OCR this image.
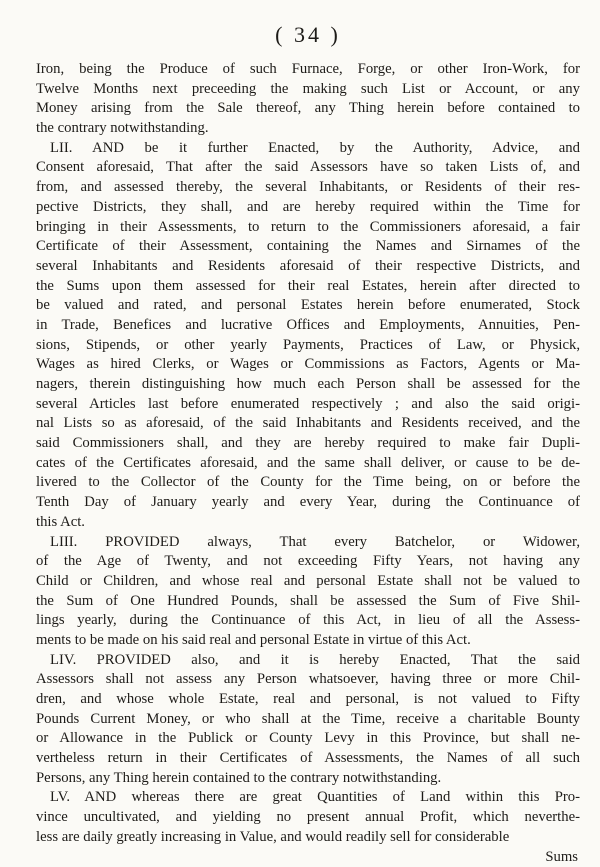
( 34 )
Iron, being the Produce of such Furnace, Forge, or other Iron-Work, for
Twelve Months next preceeding the making such List or Account, or any
Money arising from the Sale thereof, any Thing herein before contained to
the contrary notwithstanding.
LII. AND be it further Enacted, by the Authority, Advice, and
Consent aforesaid, That after the said Assessors have so taken Lists of, and
from, and assessed thereby, the several Inhabitants, or Residents of their res-
pective Districts, they shall, and are hereby required within the Time for
bringing in their Assessments, to return to the Commissioners aforesaid, a fair
Certificate of their Assessment, containing the Names and Sirnames of the
several Inhabitants and Residents aforesaid of their respective Districts, and
the Sums upon them assessed for their real Estates, herein after directed to
be valued and rated, and personal Estates herein before enumerated, Stock
in Trade, Benefices and lucrative Offices and Employments, Annuities, Pen-
sions, Stipends, or other yearly Payments, Practices of Law, or Physick,
Wages as hired Clerks, or Wages or Commissions as Factors, Agents or Ma-
nagers, therein distinguishing how much each Person shall be assessed for the
several Articles last before enumerated respectively ; and also the said origi-
nal Lists so as aforesaid, of the said Inhabitants and Residents received, and the
said Commissioners shall, and they are hereby required to make fair Dupli-
cates of the Certificates aforesaid, and the same shall deliver, or cause to be de-
livered to the Collector of the County for the Time being, on or before the
Tenth Day of January yearly and every Year, during the Continuance of
this Act.
LIII. PROVIDED always, That every Batchelor, or Widower,
of the Age of Twenty, and not exceeding Fifty Years, not having any
Child or Children, and whose real and personal Estate shall not be valued to
the Sum of One Hundred Pounds, shall be assessed the Sum of Five Shil-
lings yearly, during the Continuance of this Act, in lieu of all the Assess-
ments to be made on his said real and personal Estate in virtue of this Act.
LIV. PROVIDED also, and it is hereby Enacted, That the said
Assessors shall not assess any Person whatsoever, having three or more Chil-
dren, and whose whole Estate, real and personal, is not valued to Fifty
Pounds Current Money, or who shall at the Time, receive a charitable Bounty
or Allowance in the Publick or County Levy in this Province, but shall ne-
vertheless return in their Certificates of Assessments, the Names of all such
Persons, any Thing herein contained to the contrary notwithstanding.
LV. AND whereas there are great Quantities of Land within this Pro-
vince uncultivated, and yielding no present annual Profit, which neverthe-
less are daily greatly increasing in Value, and would readily sell for considerable
Sums
